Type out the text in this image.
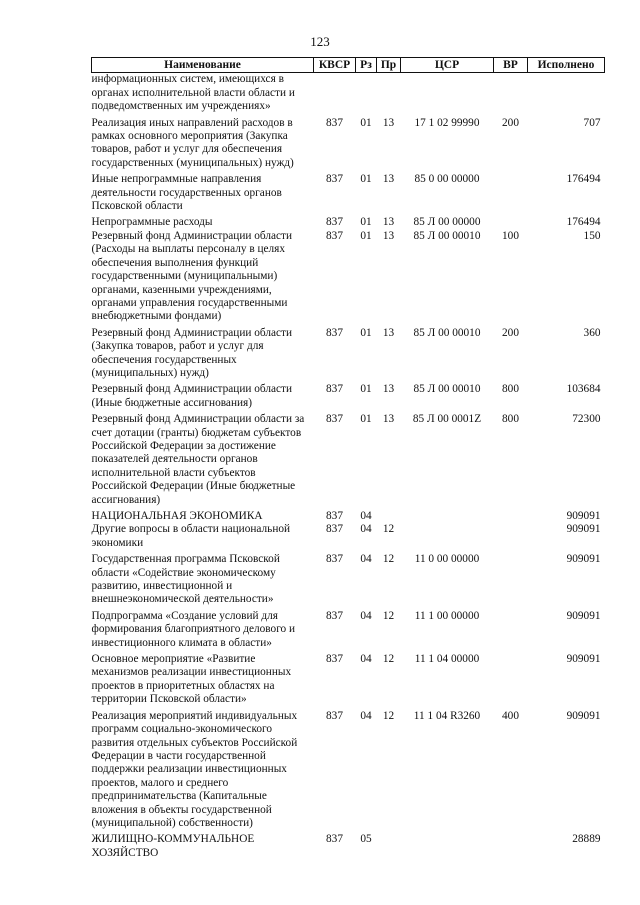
123
Наименование	КВСР	Рз	Пр	ЦСР	ВР	Исполнено
информационных систем, имеющихся в органах исполнительной власти области и подведомственных им учреждениях»						
Реализация иных направлений расходов в рамках основного мероприятия (Закупка товаров, работ и услуг для обеспечения государственных (муниципальных) нужд)	837	01	13	17 1 02 99990	200	707
Иные непрограммные направления деятельности государственных органов Псковской области	837	01	13	85 0 00 00000		176494
Непрограммные расходы	837	01	13	85 Л 00 00000		176494
Резервный фонд Администрации области (Расходы на выплаты персоналу в целях обеспечения выполнения функций государственными (муниципальными) органами, казенными учреждениями, органами управления государственными внебюджетными фондами)	837	01	13	85 Л 00 00010	100	150
Резервный фонд Администрации области (Закупка товаров, работ и услуг для обеспечения государственных (муниципальных) нужд)	837	01	13	85 Л 00 00010	200	360
Резервный фонд Администрации области (Иные бюджетные ассигнования)	837	01	13	85 Л 00 00010	800	103684
Резервный фонд Администрации области за счет дотации (гранты) бюджетам субъектов Российской Федерации за достижение показателей деятельности органов исполнительной власти субъектов Российской Федерации (Иные бюджетные ассигнования)	837	01	13	85 Л 00 0001Z	800	72300
НАЦИОНАЛЬНАЯ ЭКОНОМИКА	837	04				909091
Другие вопросы в области национальной экономики	837	04	12			909091
Государственная программа Псковской области «Содействие экономическому развитию, инвестиционной и внешнеэкономической деятельности»	837	04	12	11 0 00 00000		909091
Подпрограмма «Создание условий для формирования благоприятного делового и инвестиционного климата в области»	837	04	12	11 1 00 00000		909091
Основное мероприятие «Развитие механизмов реализации инвестиционных проектов в приоритетных областях на территории Псковской области»	837	04	12	11 1 04 00000		909091
Реализация мероприятий индивидуальных программ социально-экономического развития отдельных субъектов Российской Федерации в части государственной поддержки реализации инвестиционных проектов, малого и среднего предпринимательства (Капитальные вложения в объекты государственной (муниципальной) собственности)	837	04	12	11 1 04 R3260	400	909091
ЖИЛИЩНО-КОММУНАЛЬНОЕ ХОЗЯЙСТВО	837	05				28889
